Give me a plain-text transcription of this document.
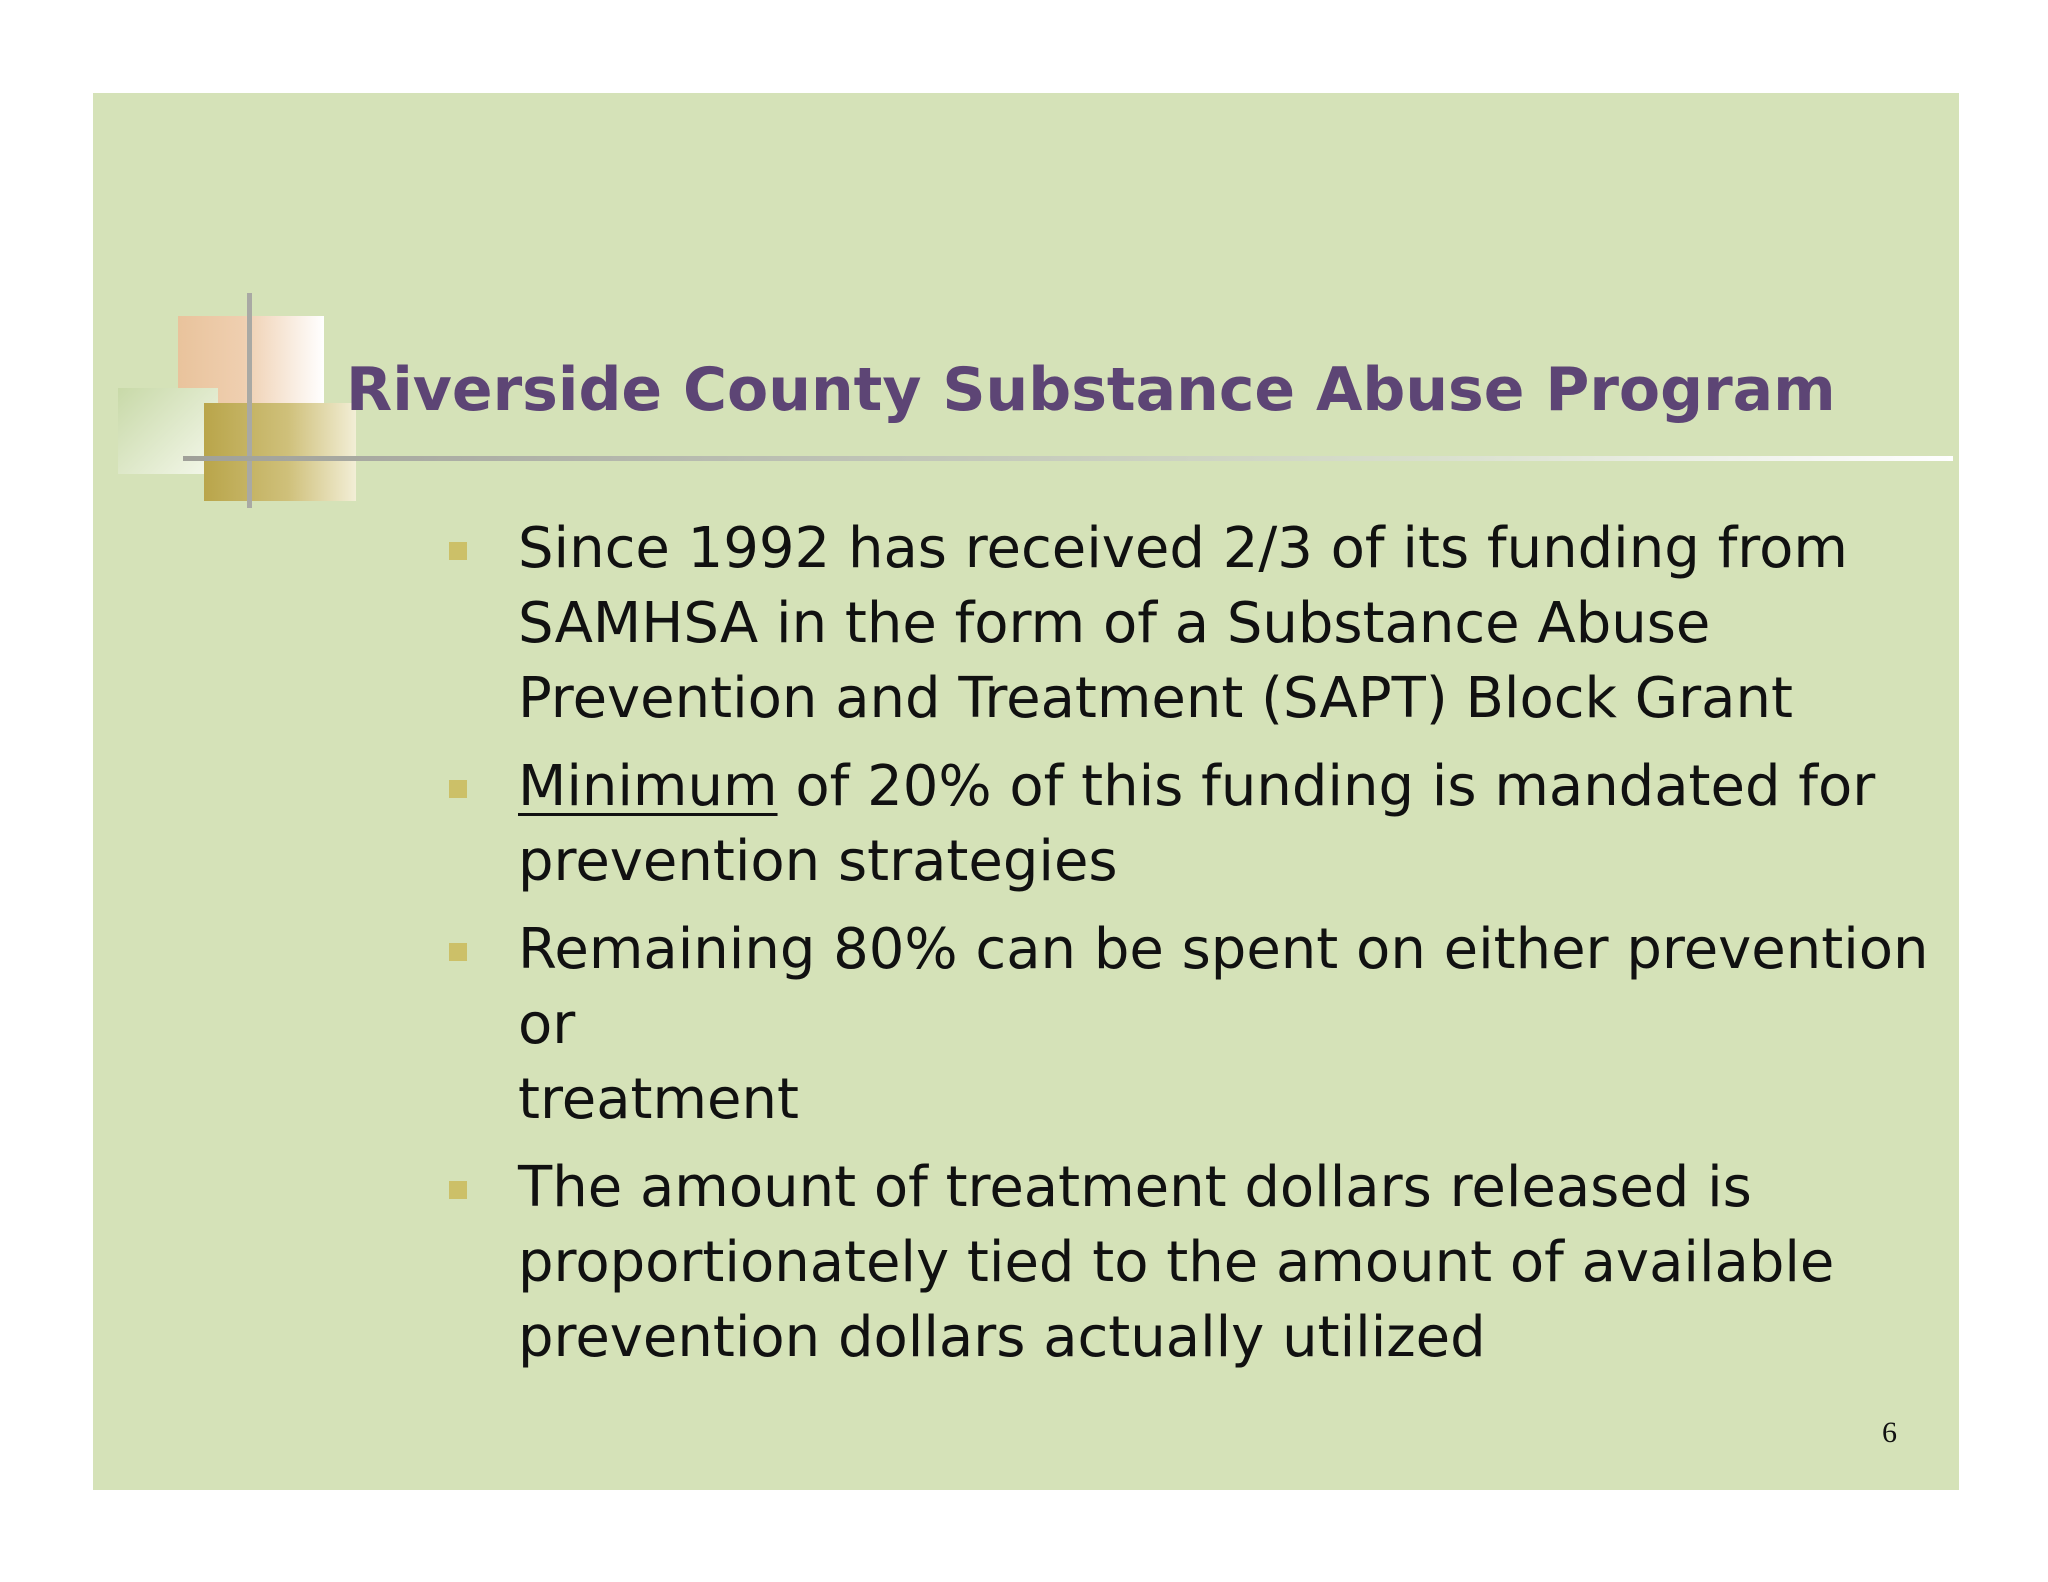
Riverside County Substance Abuse Program
Since 1992 has received 2/3 of its funding from
SAMHSA in the form of a Substance Abuse
Prevention and Treatment (SAPT) Block Grant
Minimum of 20% of this funding is mandated for
prevention strategies
Remaining 80% can be spent on either prevention or
treatment
The amount of treatment dollars released is
proportionately tied to the amount of available
prevention dollars actually utilized
6
